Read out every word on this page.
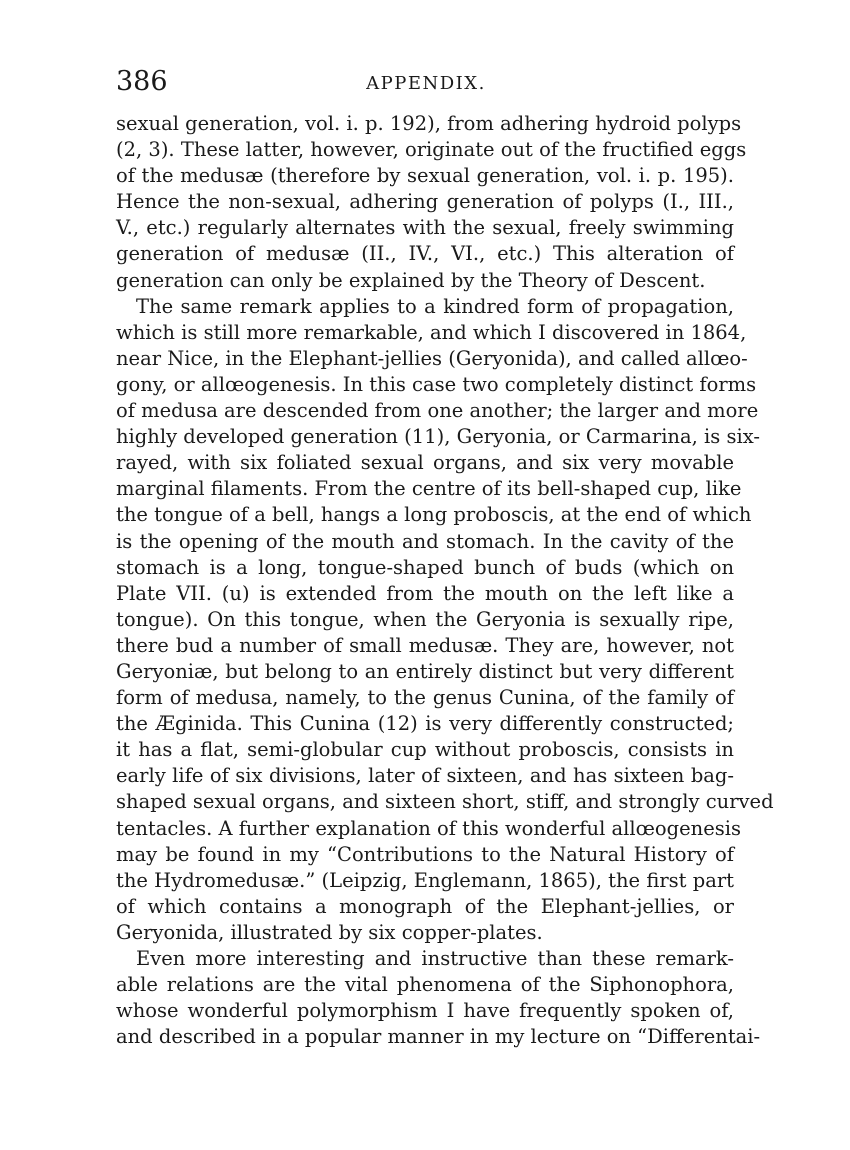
386	APPENDIX.
sexual generation, vol. i. p. 192), from adhering hydroid polyps
(2, 3). These latter, however, originate out of the fructified eggs
of the medusæ (therefore by sexual generation, vol. i. p. 195).
Hence the non-sexual, adhering generation of polyps (I., III.,
V., etc.) regularly alternates with the sexual, freely swimming
generation of medusæ (II., IV., VI., etc.) This alteration of
generation can only be explained by the Theory of Descent.
The same remark applies to a kindred form of propagation,
which is still more remarkable, and which I discovered in 1864,
near Nice, in the Elephant-jellies (Geryonida), and called allœo-
gony, or allœogenesis. In this case two completely distinct forms
of medusa are descended from one another; the larger and more
highly developed generation (11), Geryonia, or Carmarina, is six-
rayed, with six foliated sexual organs, and six very movable
marginal filaments. From the centre of its bell-shaped cup, like
the tongue of a bell, hangs a long proboscis, at the end of which
is the opening of the mouth and stomach. In the cavity of the
stomach is a long, tongue-shaped bunch of buds (which on
Plate VII. (u) is extended from the mouth on the left like a
tongue). On this tongue, when the Geryonia is sexually ripe,
there bud a number of small medusæ. They are, however, not
Geryoniæ, but belong to an entirely distinct but very different
form of medusa, namely, to the genus Cunina, of the family of
the Æginida. This Cunina (12) is very differently constructed;
it has a flat, semi-globular cup without proboscis, consists in
early life of six divisions, later of sixteen, and has sixteen bag-
shaped sexual organs, and sixteen short, stiff, and strongly curved
tentacles. A further explanation of this wonderful allœogenesis
may be found in my “Contributions to the Natural History of
the Hydromedusæ.” (Leipzig, Englemann, 1865), the first part
of which contains a monograph of the Elephant-jellies, or
Geryonida, illustrated by six copper-plates.
Even more interesting and instructive than these remark-
able relations are the vital phenomena of the Siphonophora,
whose wonderful polymorphism I have frequently spoken of,
and described in a popular manner in my lecture on “Differentai-
